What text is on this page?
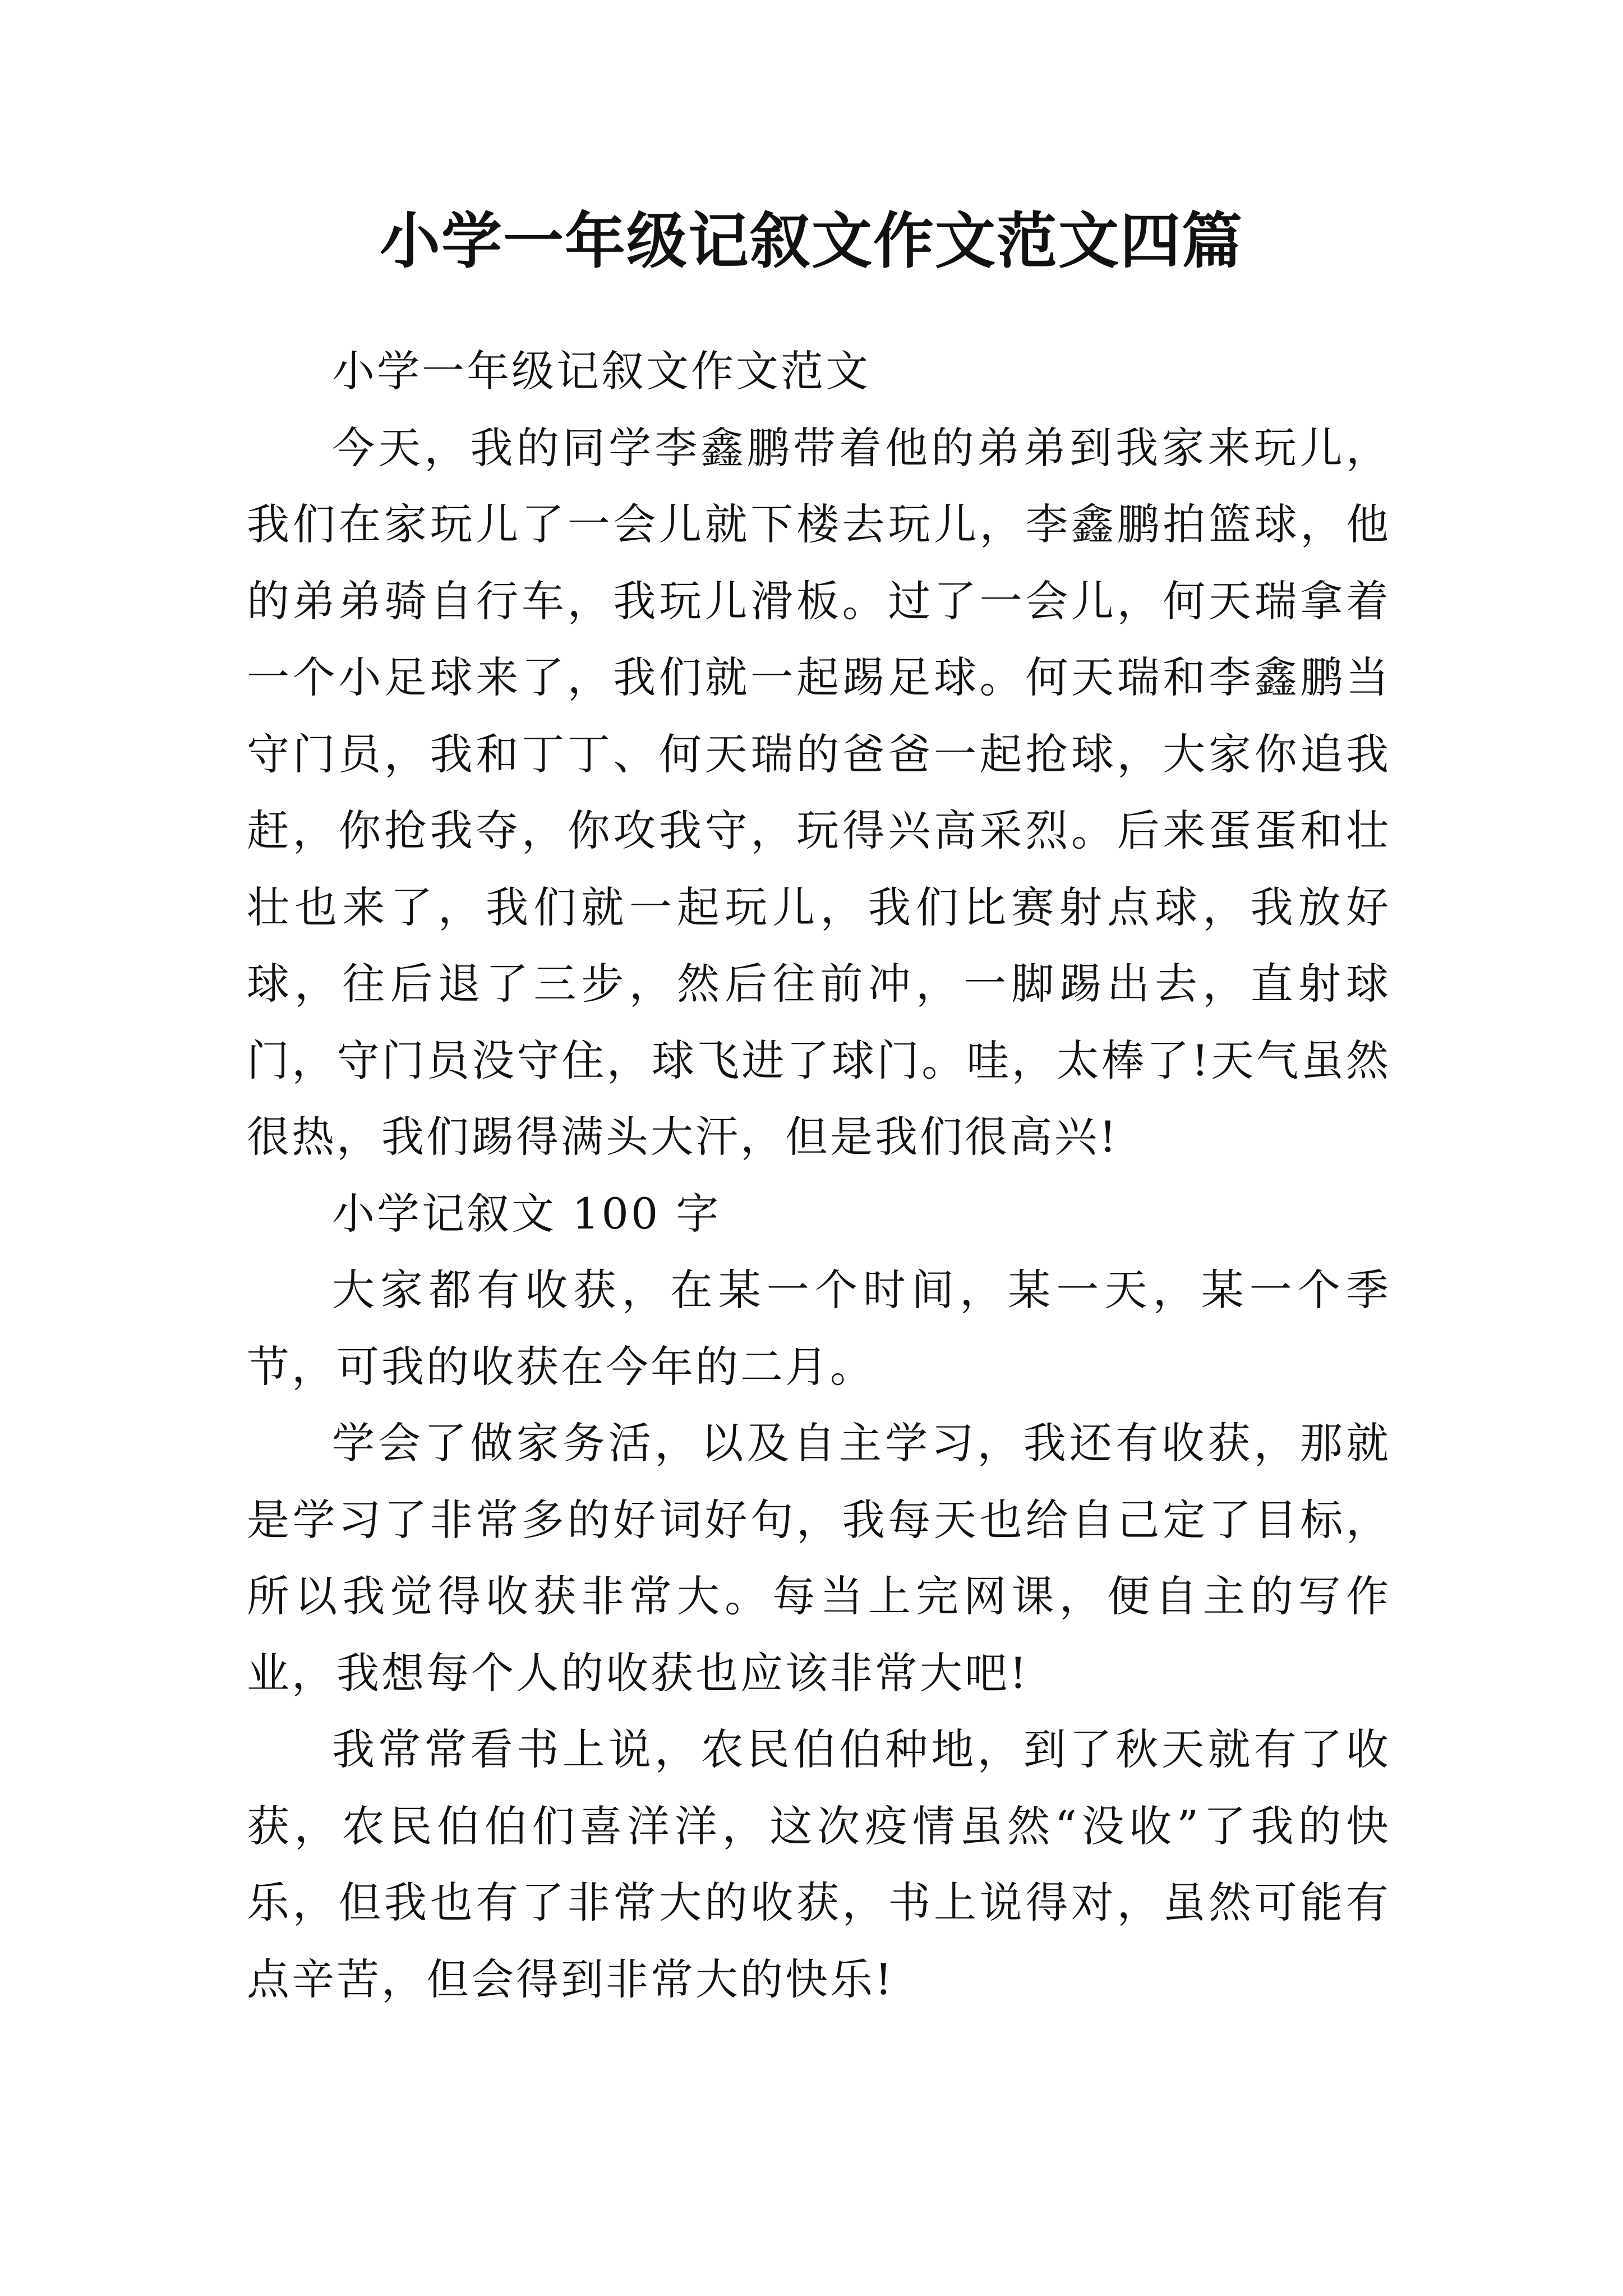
小学一年级记叙文作文范文四篇

小学一年级记叙文作文范文

今天，我的同学李鑫鹏带着他的弟弟到我家来玩儿，我们在家玩儿了一会儿就下楼去玩儿，李鑫鹏拍篮球，他的弟弟骑自行车，我玩儿滑板。过了一会儿，何天瑞拿着一个小足球来了，我们就一起踢足球。何天瑞和李鑫鹏当守门员，我和丁丁、何天瑞的爸爸一起抢球，大家你追我赶，你抢我夺，你攻我守，玩得兴高采烈。后来蛋蛋和壮壮也来了，我们就一起玩儿，我们比赛射点球，我放好球，往后退了三步，然后往前冲，一脚踢出去，直射球门，守门员没守住，球飞进了球门。哇，太棒了!天气虽然很热，我们踢得满头大汗，但是我们很高兴!

小学记叙文 100 字

大家都有收获，在某一个时间，某一天，某一个季节，可我的收获在今年的二月。

学会了做家务活，以及自主学习，我还有收获，那就是学习了非常多的好词好句，我每天也给自己定了目标，所以我觉得收获非常大。每当上完网课，便自主的写作业，我想每个人的收获也应该非常大吧!

我常常看书上说，农民伯伯种地，到了秋天就有了收获，农民伯伯们喜洋洋，这次疫情虽然“没收”了我的快乐，但我也有了非常大的收获，书上说得对，虽然可能有点辛苦，但会得到非常大的快乐!
